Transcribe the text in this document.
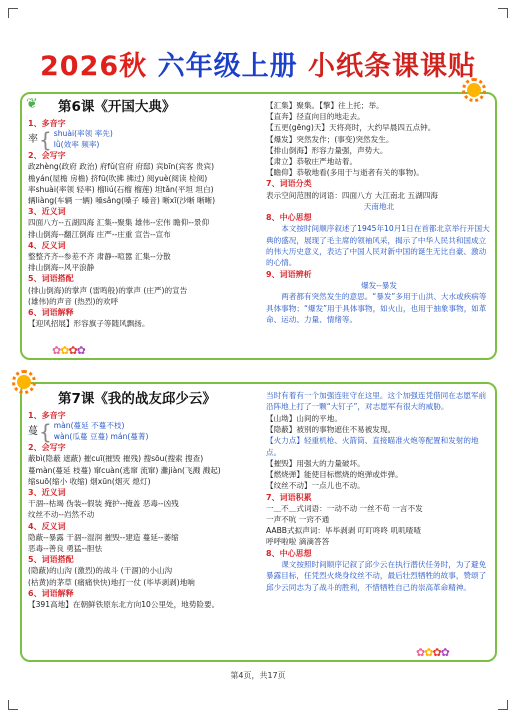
2026秋 六年级上册 小纸条课课贴
第6课《开国大典》
1、多音字
率 { shuài(率领 率先)
lǜ(效率 频率)
2、会写字
政zhèng(政府 政治) 府fǔ(官府 府邸) 宾bīn(宾客 贵宾)
檐yán(屋檐 房檐) 挤fū(吹拂 拂过) 阅yuè(阅读 检阅)
率shuài(率领 轻率) 榴liú(石榴 榴莲) 坦tǎn(平坦 坦白)
辆liàng(车辆 一辆) 嗓sǎng(嗓子 嗓音) 晰xī(沙晰 晰晰)
3、近义词
四面八方--五湖四海 汇集--聚集 雄伟--宏伟 瞻仰--景仰
排山倒海--翻江倒海 庄严--庄重 宣告--宣布
4、反义词
整整齐齐--参差不齐 肃静--喧嚣 汇集--分散
排山倒海--风平浪静
5、词语搭配
(排山倒海)的掌声 (雷鸣般)的掌声 (庄严)的宣告
(雄伟)的声音 (热烈)的欢呼
6、词语解释
【迎风招展】形容旗子等随风飘扬。
【汇集】聚集。【擎】往上托；举。
【直奔】径直向目的地走去。
【五更(gēng)天】天将亮时，大约早晨四五点钟。
【爆发】突然发作；(事变)突然发生。
【排山倒海】形容力量强，声势大。
【肃立】恭敬庄严地站着。
【瞻仰】恭敬地看(多用于与逝者有关的事物)。
7、词语分类
表示空间范围的词语：四面八方 大江南北 五湖四海
天南地北
8、中心思想
本文按时间顺序叙述了1945年10月1日在首都北京举行开国大典的盛况，展现了毛主席的领袖风采，揭示了中华人民共和国成立的伟大历史意义，表达了中国人民对新中国的诞生无比自豪、激动的心情。
9、词语辨析
爆发--暴发
两者都有突然发生的意思。“暴发”多用于山洪、大水或疾病等具体事物；“爆发”用于具体事物，如火山，也用于抽象事物，如革命、运动、力量、情绪等。
❦
✿✿✿✿
第7课《我的战友邱少云》
1、多音字
蔓 { màn(蔓延 不蔓不枝)
wàn(瓜蔓 豆蔓) mán(蔓菁)
2、会写字
蔽bì(隐蔽 遮蔽) 摧cuī(摧毁 摧残) 搜sōu(搜索 搜查)
蔓màn(蔓延 枝蔓) 窜cuàn(逃窜 流窜) 灘jiàn(飞溅 溅起)
缩suō(缩小 收缩) 烟xūn(烟灭 熄灯)
3、近义词
干涸--枯竭 伪装--假装 掩护--掩盖 恶毒--凶残
纹丝不动--岿然不动
4、反义词
隐蔽--暴露 干涸--湿润 摧毁--建造 蔓延--萎缩
恶毒--善良 勇猛--胆怯
5、词语搭配
(隐蔽)的山沟 (激烈)的战斗 (干涸)的小山沟
(枯黄)的茅草 (痛痛快快)地打一仗 (毕毕剥剥)地响
6、词语解释
【391高地】在朝鲜铁原东北方向10公里处，地势险要。
当时有着有一个加强连驻守在这里。这个加强连凭借同在志愿军前沿阵地上打了一颗“大钉子”，对志愿军有很大的威胁。
【山坳】山间的平地。
【隐蔽】被别的事物遮住不易被发现。
【火力点】轻重机枪、火箭筒、直接瞄准火炮等配置和发射的地点。
【摧毁】用强大的力量破坏。
【燃烧弹】能使目标燃烧的炮弹或炸弹。
【纹丝不动】一点儿也不动。
7、词语积累
一＿不＿式词语：一动不动 一丝不苟 一言不发
一声不吭 一窍不通
AABB式拟声词：毕毕剥剥 叮叮咚咚 叽叽喳喳
呼呼啦啦 滴滴答答
8、中心思想
课文按照时间顺序记叙了邱少云在执行潜伏任务时，为了避免暴露目标，任凭烈火烧身纹丝不动，最后壮烈牺牲的故事，赞颂了邱少云同志为了战斗的胜利，不惜牺牲自己的崇高革命精神。
✿✿✿✿
第4页，共17页
